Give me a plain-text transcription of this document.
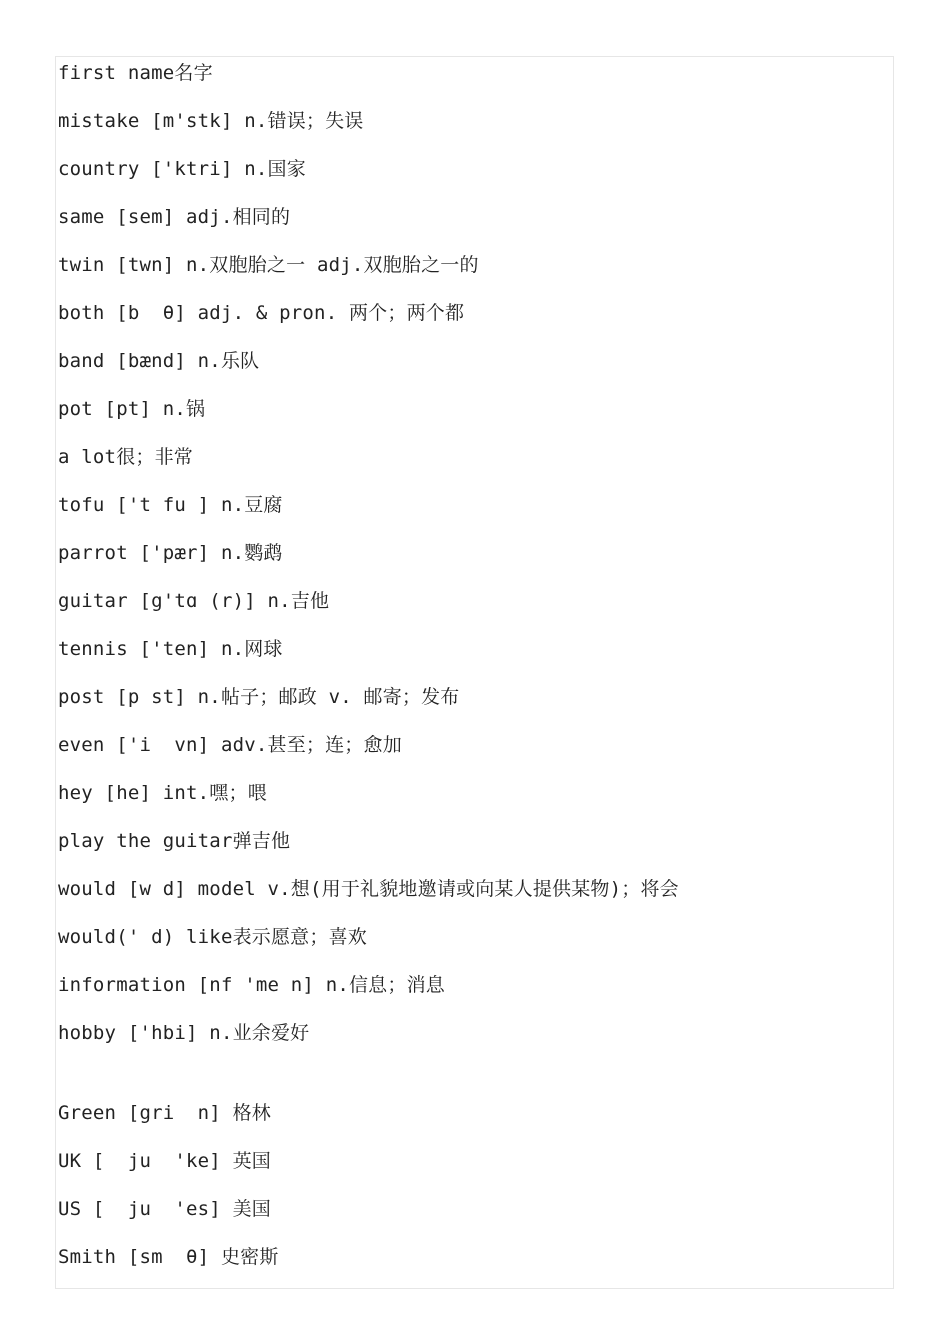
first name名字
mistake [m'stk] n.错误；失误
country ['ktri] n.国家
same [sem] adj.相同的
twin [twn] n.双胞胎之一 adj.双胞胎之一的
both [b  θ] adj. & pron. 两个；两个都
band [bænd] n.乐队
pot [pt] n.锅
a lot很；非常
tofu ['t fu ] n.豆腐
parrot ['pær] n.鹦鹉
guitar [g'tɑ (r)] n.吉他
tennis ['ten] n.网球
post [p st] n.帖子；邮政 v. 邮寄；发布
even ['i  vn] adv.甚至；连；愈加
hey [he] int.嘿；喂
play the guitar弹吉他
would [w d] model v.想(用于礼貌地邀请或向某人提供某物)；将会
would(' d) like表示愿意；喜欢
information [nf 'me n] n.信息；消息
hobby ['hbi] n.业余爱好
Green [gri  n] 格林
UK [  ju  'ke] 英国
US [  ju  'es] 美国
Smith [sm  θ] 史密斯
